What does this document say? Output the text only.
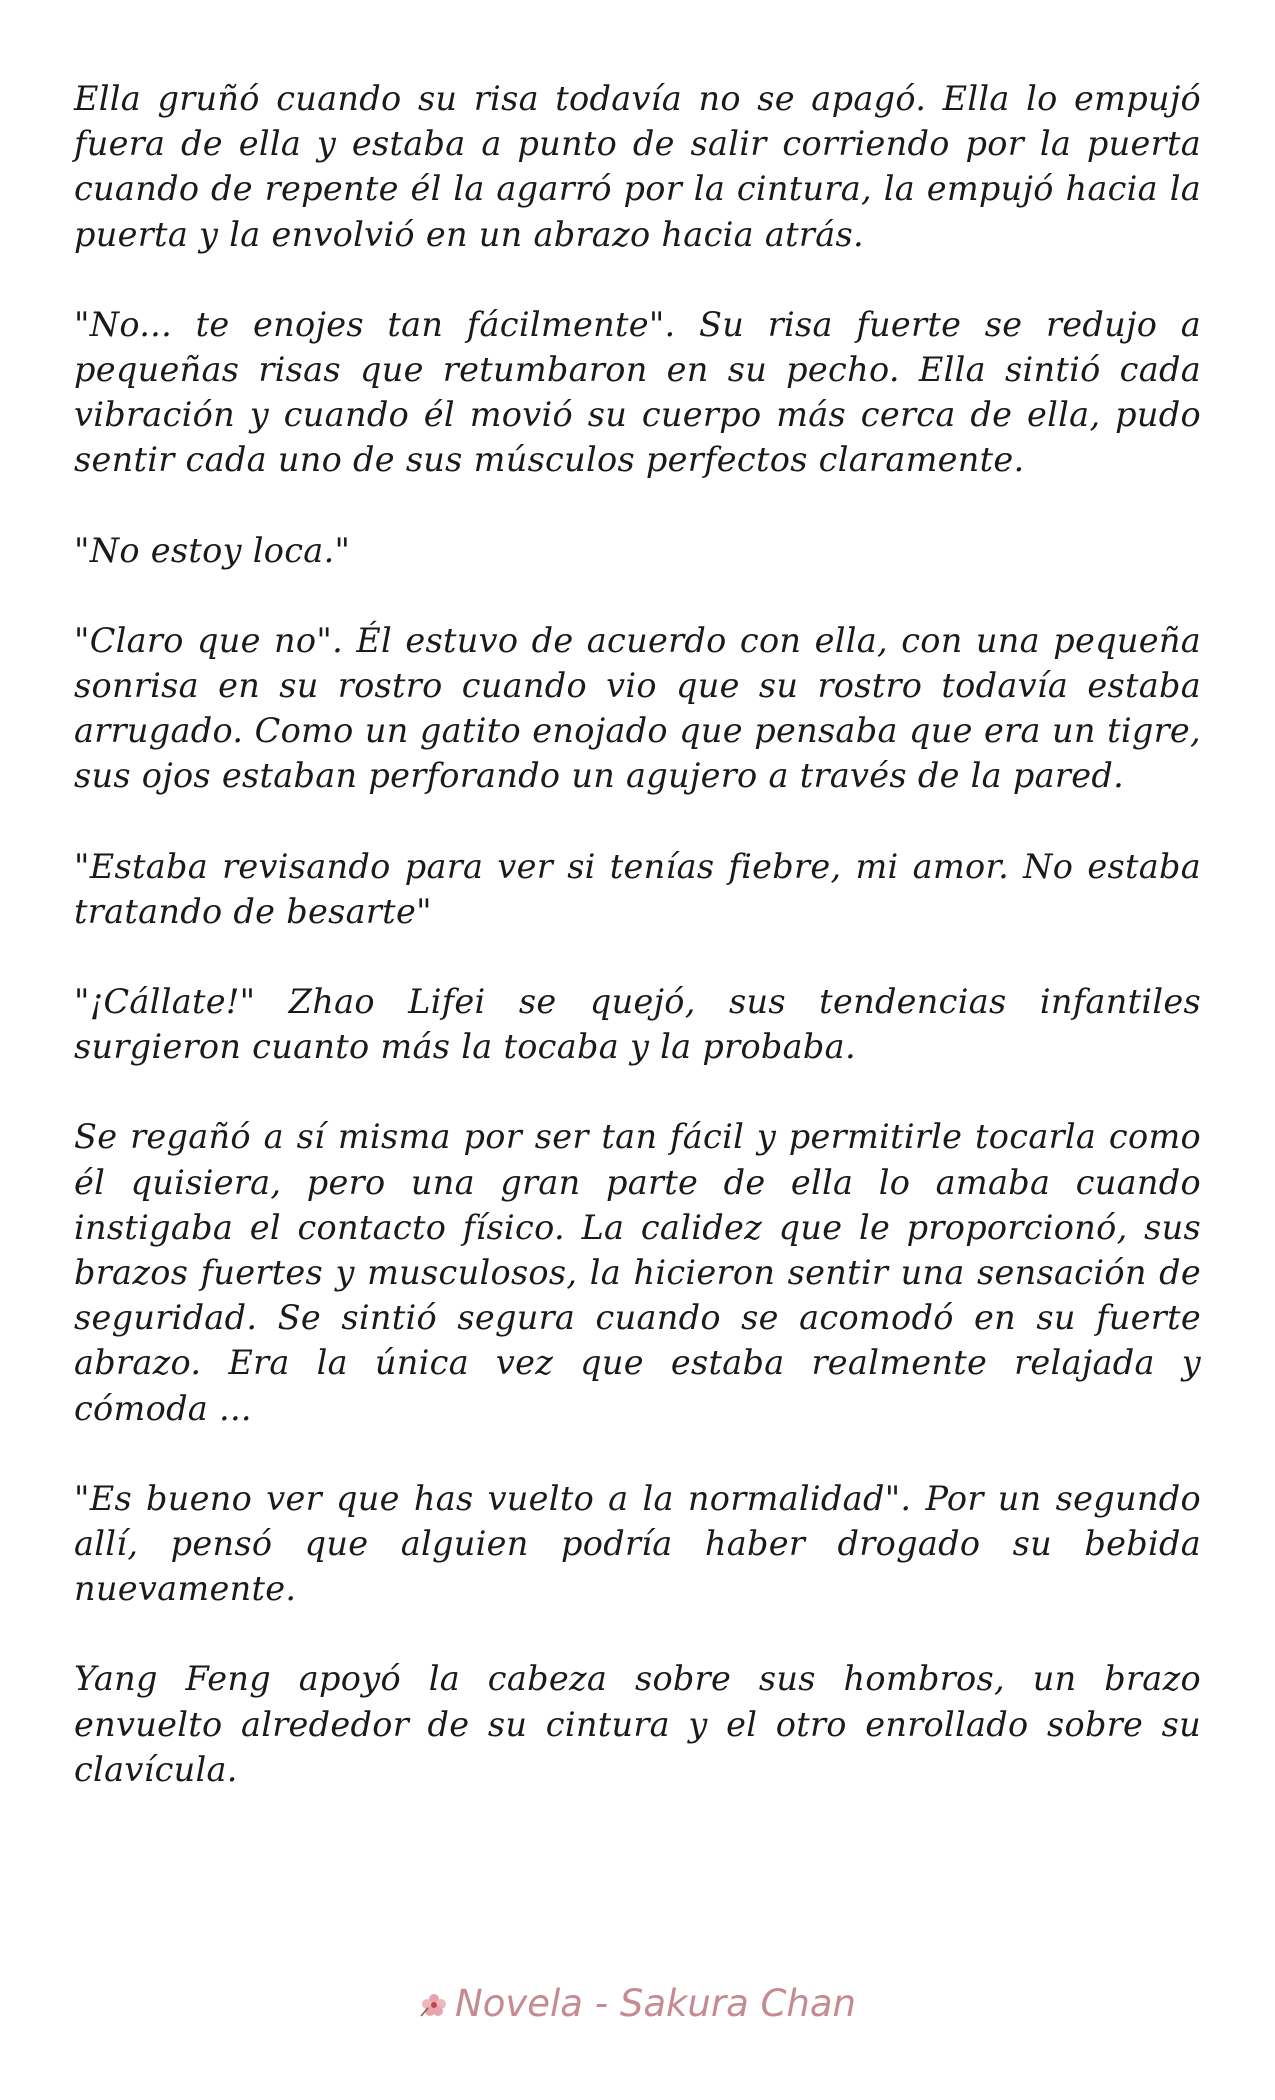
Ella gruñó cuando su risa todavía no se apagó. Ella lo empujó fuera de ella y estaba a punto de salir corriendo por la puerta cuando de repente él la agarró por la cintura, la empujó hacia la puerta y la envolvió en un abrazo hacia atrás.

"No... te enojes tan fácilmente". Su risa fuerte se redujo a pequeñas risas que retumbaron en su pecho. Ella sintió cada vibración y cuando él movió su cuerpo más cerca de ella, pudo sentir cada uno de sus músculos perfectos claramente.

"No estoy loca."

"Claro que no". Él estuvo de acuerdo con ella, con una pequeña sonrisa en su rostro cuando vio que su rostro todavía estaba arrugado. Como un gatito enojado que pensaba que era un tigre, sus ojos estaban perforando un agujero a través de la pared.

"Estaba revisando para ver si tenías fiebre, mi amor. No estaba tratando de besarte"

"¡Cállate!" Zhao Lifei se quejó, sus tendencias infantiles surgieron cuanto más la tocaba y la probaba.

Se regañó a sí misma por ser tan fácil y permitirle tocarla como él quisiera, pero una gran parte de ella lo amaba cuando instigaba el contacto físico. La calidez que le proporcionó, sus brazos fuertes y musculosos, la hicieron sentir una sensación de seguridad. Se sintió segura cuando se acomodó en su fuerte abrazo. Era la única vez que estaba realmente relajada y cómoda ...

"Es bueno ver que has vuelto a la normalidad". Por un segundo allí, pensó que alguien podría haber drogado su bebida nuevamente.

Yang Feng apoyó la cabeza sobre sus hombros, un brazo envuelto alrededor de su cintura y el otro enrollado sobre su clavícula.

Novela - Sakura Chan
